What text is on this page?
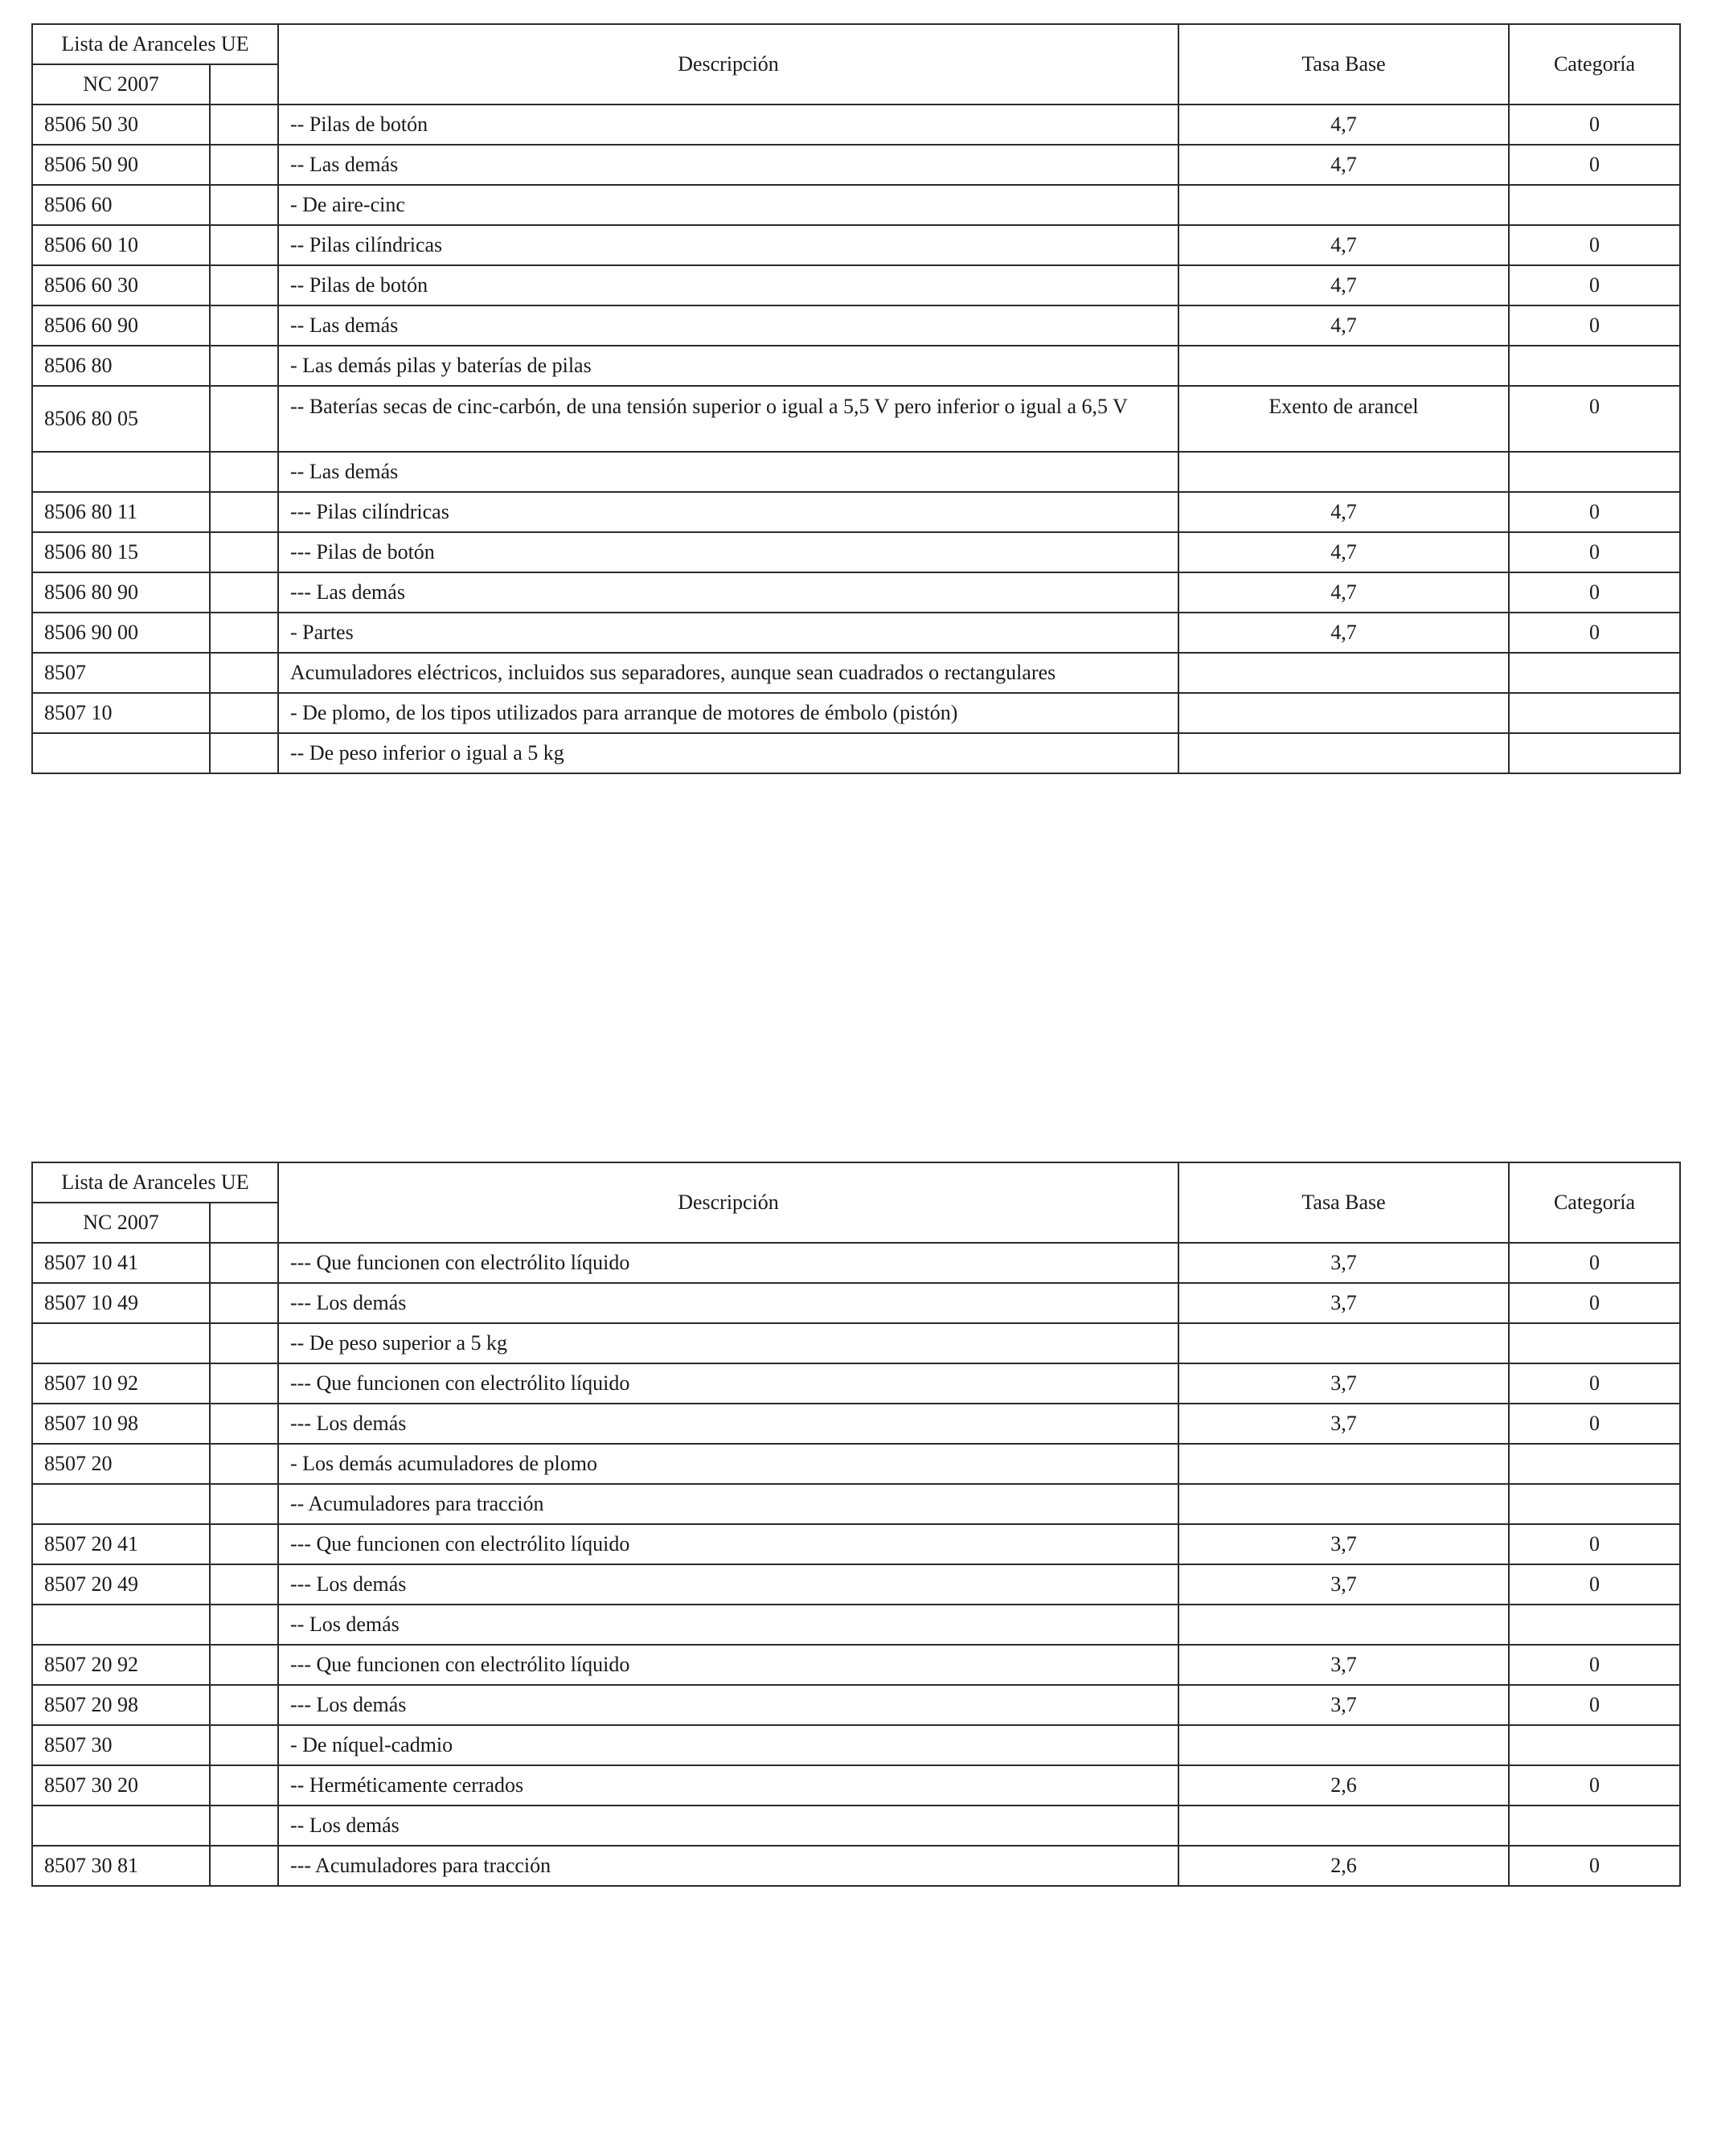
Lista de Aranceles UE		Descripción	Tasa Base	Categoría
NC 2007				
8506 50 30		-- Pilas de botón	4,7	0
8506 50 90		-- Las demás	4,7	0
8506 60		- De aire-cinc		
8506 60 10		-- Pilas cilíndricas	4,7	0
8506 60 30		-- Pilas de botón	4,7	0
8506 60 90		-- Las demás	4,7	0
8506 80		- Las demás pilas y baterías de pilas		
8506 80 05		-- Baterías secas de cinc-carbón, de una tensión superior o igual a 5,5 V pero inferior o igual a 6,5 V	Exento de arancel	0
		-- Las demás		
8506 80 11		--- Pilas cilíndricas	4,7	0
8506 80 15		--- Pilas de botón	4,7	0
8506 80 90		--- Las demás	4,7	0
8506 90 00		- Partes	4,7	0
8507		Acumuladores eléctricos, incluidos sus separadores, aunque sean cuadrados o rectangulares		
8507 10		- De plomo, de los tipos utilizados para arranque de motores de émbolo (pistón)		
		-- De peso inferior o igual a 5 kg		
Lista de Aranceles UE		Descripción	Tasa Base	Categoría
NC 2007				
8507 10 41		--- Que funcionen con electrólito líquido	3,7	0
8507 10 49		--- Los demás	3,7	0
		-- De peso superior a 5 kg		
8507 10 92		--- Que funcionen con electrólito líquido	3,7	0
8507 10 98		--- Los demás	3,7	0
8507 20		- Los demás acumuladores de plomo		
		-- Acumuladores para tracción		
8507 20 41		--- Que funcionen con electrólito líquido	3,7	0
8507 20 49		--- Los demás	3,7	0
		-- Los demás		
8507 20 92		--- Que funcionen con electrólito líquido	3,7	0
8507 20 98		--- Los demás	3,7	0
8507 30		- De níquel-cadmio		
8507 30 20		-- Herméticamente cerrados	2,6	0
		-- Los demás		
8507 30 81		--- Acumuladores para tracción	2,6	0
